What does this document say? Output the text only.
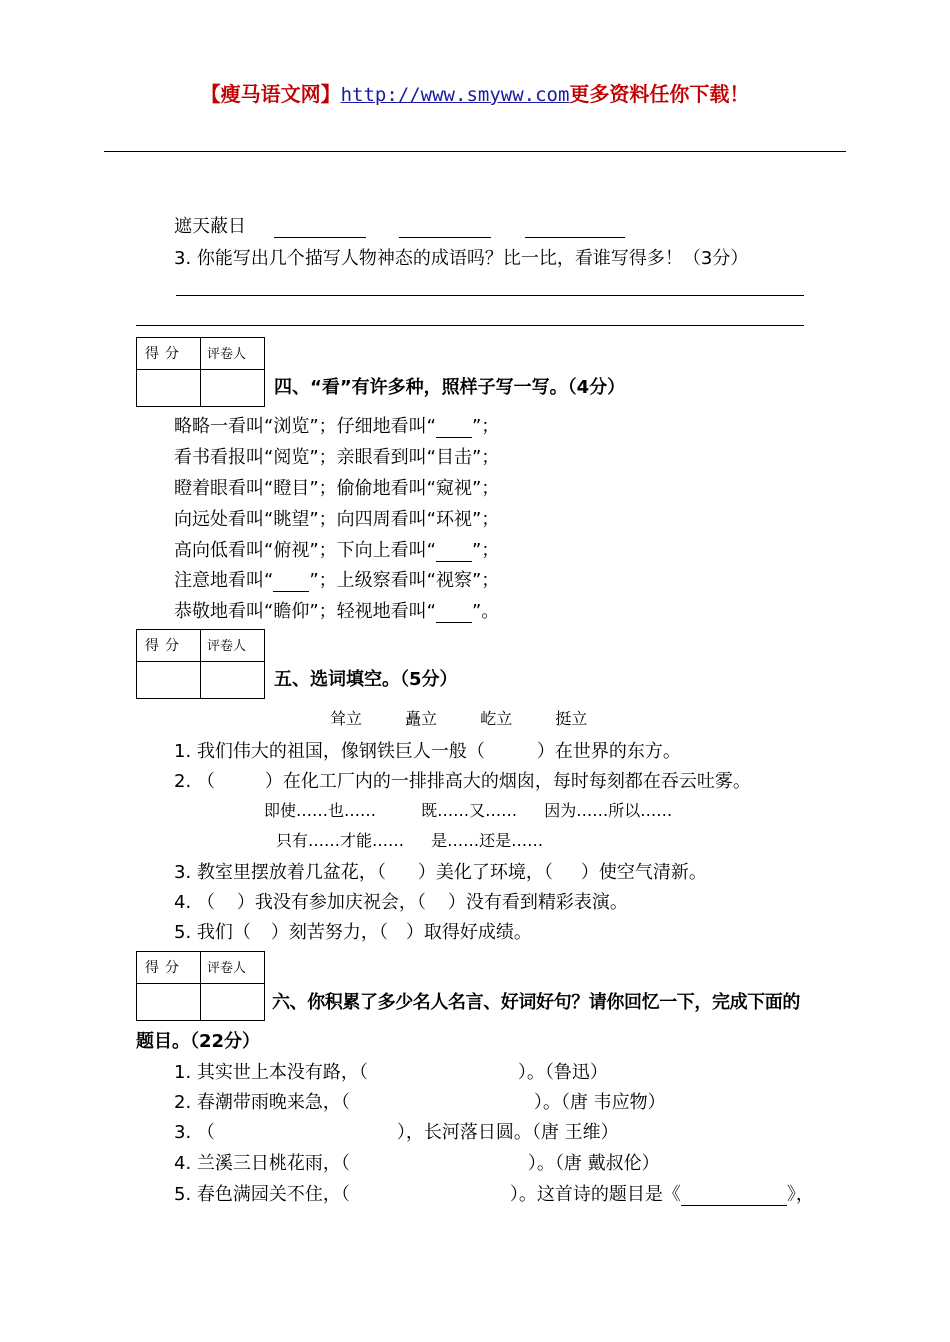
【瘦马语文网】http://www.smyww.com更多资料任你下载！
遮天蔽日
3. 你能写出几个描写人物神态的成语吗？比一比，看谁写得多！（3分）
得分 评卷人
四、“看”有许多种，照样子写一写。（4分）
略略一看叫“浏览”；仔细地看叫“ ”；
看书看报叫“阅览”；亲眼看到叫“目击”；
瞪着眼看叫“瞪目”；偷偷地看叫“窥视”；
向远处看叫“眺望”；向四周看叫“环视”；
高向低看叫“俯视”；下向上看叫“ ”；
注意地看叫“ ”；上级察看叫“视察”；
恭敬地看叫“瞻仰”；轻视地看叫“ ”。
得分 评卷人
五、选词填空。（5分）
耸立	矗立	屹立	挺立
1. 我们伟大的祖国，像钢铁巨人一般（	）在世界的东方。
2. （	）在化工厂内的一排排高大的烟囱，每时每刻都在吞云吐雾。
即使……也……	既……又…… 因为……所以……
只有……才能…… 是……还是……
3. 教室里摆放着几盆花，（ ）美化了环境，（ ）使空气清新。
4. （ ）我没有参加庆祝会，（ ）没有看到精彩表演。
5. 我们（ ）刻苦努力，（ ）取得好成绩。
得分 评卷人
六、你积累了多少名人名言、好词好句？请你回忆一下，完成下面的
题目。（22分）
1. 其实世上本没有路，（	）。（鲁迅）
2. 春潮带雨晚来急，（	）。（唐 韦应物）
3. （	），长河落日圆。（唐 王维）
4. 兰溪三日桃花雨，（	）。（唐 戴叔伦）
5. 春色满园关不住，（	）。这首诗的题目是《	》，
